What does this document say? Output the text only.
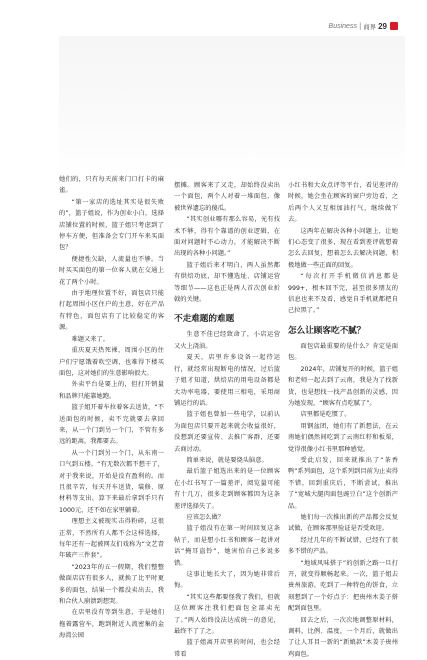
Business | 商界 29

她们的，只有每天前来门口打卡的麻雀。

“第一家店的选址其实是很失败的”，篮子姐说，作为创业小白，选择店铺位置的时候，篮子姐只考虑到了停车方便，但准备会专门开车来买面包？

便捷性欠缺，人流量也不够。当时买买面包的第一位客人就在交通上花了两个小时。

由于地理位置不好，面包店只能打起周围小区住户的主意，好在产品有特色，面包店有了比较稳定的客源。

难题又来了。

重庆夏天热死裸，周围小区的住户们宁愿饿着吹空调，也难得下楼买面包，这对她们的生意影响很大。

外卖平台是要上的，但打开销量和品牌只能靠她跑。

篮子姐开着车拉着客去送货，“不送面包的时候，卖不完就要去拿回来，从一个门到另一个门，不管有多远的距离，我都要去。

从一个门到另一个门，从东南一口气到五楼。“有无数次都不想干了，对于我来说，开始是没有盈利的。而且很辛苦，每天开车送货，装修、原材料等支出，算下来最后拿到手只有1000元，还不如在家里躺着。

理想主义被现实击得粉碎，这很正常，不然所有人都不会这样选择，每年还有一起被网友们戏称为“文艺青年破产三件套”。

“2023年的五一假期，我们整整做面店店有很多人，就换了比平时更多的面包，结果一个都没卖出去，我和合伙人崩溃到想哭。

在店里没有等到生意，于是她们拖着露营车，跑到附近人流密集的金海湾公园

摆摊。顾客来了又走，却始终没卖出一个面包，两个人对着一堆面包，像被世界遗忘的傻瓜。

“其实创业哪有那么容易，光有技术不够，得有个靠谱的创业逻辑，在面对问题时不心动力，才能解决不断出现的各种小问题。”

篮子姐后来才明白，两人虽然都有烘焙功底，却不懂选址、店铺运营等细节——这也正是两人首次创业折戟的关键。

不走难题的难题

生意不佳已经致命了，小店运营又火上浇油。

夏天，店里许多设备一起待运行，就经常出现断电的情况，过后篮子姐才知道，烘焙店的用电设备都是大功率电器，要使用三相电，采用商铺运行的话。

篮子姐也曾加一些电学，以前认为面包店只要开起来就会收益很好，没想到还要宣传、去推广客群，还要去商讨动。

简单来说，就是要烧头脑意。

最后篮子姐选出来的是一位顾客在小红书写了一篇差评，阅览量可能有十几万，很多走到顾客都因为这条差评选择失了。

应该怎么做？

篮子姐没有在第一时间回复这条帖子，而是想小红书和顾客一起讲对话“掩耳盗铃”，她害怕自己多说多错。

这事让她长大了，因为她非常后悔。

“其实这些都要怪我了我们，但就这位顾客注我们把面包全部卖光了。”两人始终没法达成统一的意见，最终不了了之。

篮子姐离开店里的时间，也会经常看

小红书和大众点评等平台，看见差评的时候，她会坐在顾客的窗户旁边看，之后两个人又互相加油打气，继续做下去。

这两年在解决各种小问题上，让她们心态变了很多，现在看到差评就想着怎么去回复，想着怎么去解决问题，积极地做一些正面的回复。

“每次打开手机微信消息都是999+，根本回不完，甚至很多朋友的信息也来不及看，感觉自手机就都把自己拉黑了。”

怎么让顾客吃不腻？

面包店最重要的是什么？肯定是面包。

2024年，店铺复开的时候，篮子姐和老师一起去到了云南，我是为了找新货，也是想找一找产品创新的灵感，因为她发现，“顾客有点吃腻了”。

店里都是吃惯了。

用钢盆团，她们有了新想法，在云南她们偶然间吃到了云南红籽和板栗，觉得很像小红书里那种感觉。

受此启发，回来就推出了“茶香鸭”系列面包，这个系列到目前为止卖得不错，回到重庆后，不断尝试，推出了“宽城大腿肉面包豌豆白”这个创新产品。

她们每一次推出新的产品都会反复试做，在顾客那里验证是否受欢迎。

经过几年的不断试错，已经有了很多不错的产品。

“地域风味搭子”的创新之路一旦打开，就变得顺畅起来。一次，篮子姐去贵州旅游，吃到了一种特色的饼食，立刻想到了一个好点子：把贵州木姜子搭配到面包里。

回去之后，一次次地调整原材料，调料，比例、温度，一个月后，就做出了让人耳目一新的“新娘款”木姜子贵州鸡面包。
